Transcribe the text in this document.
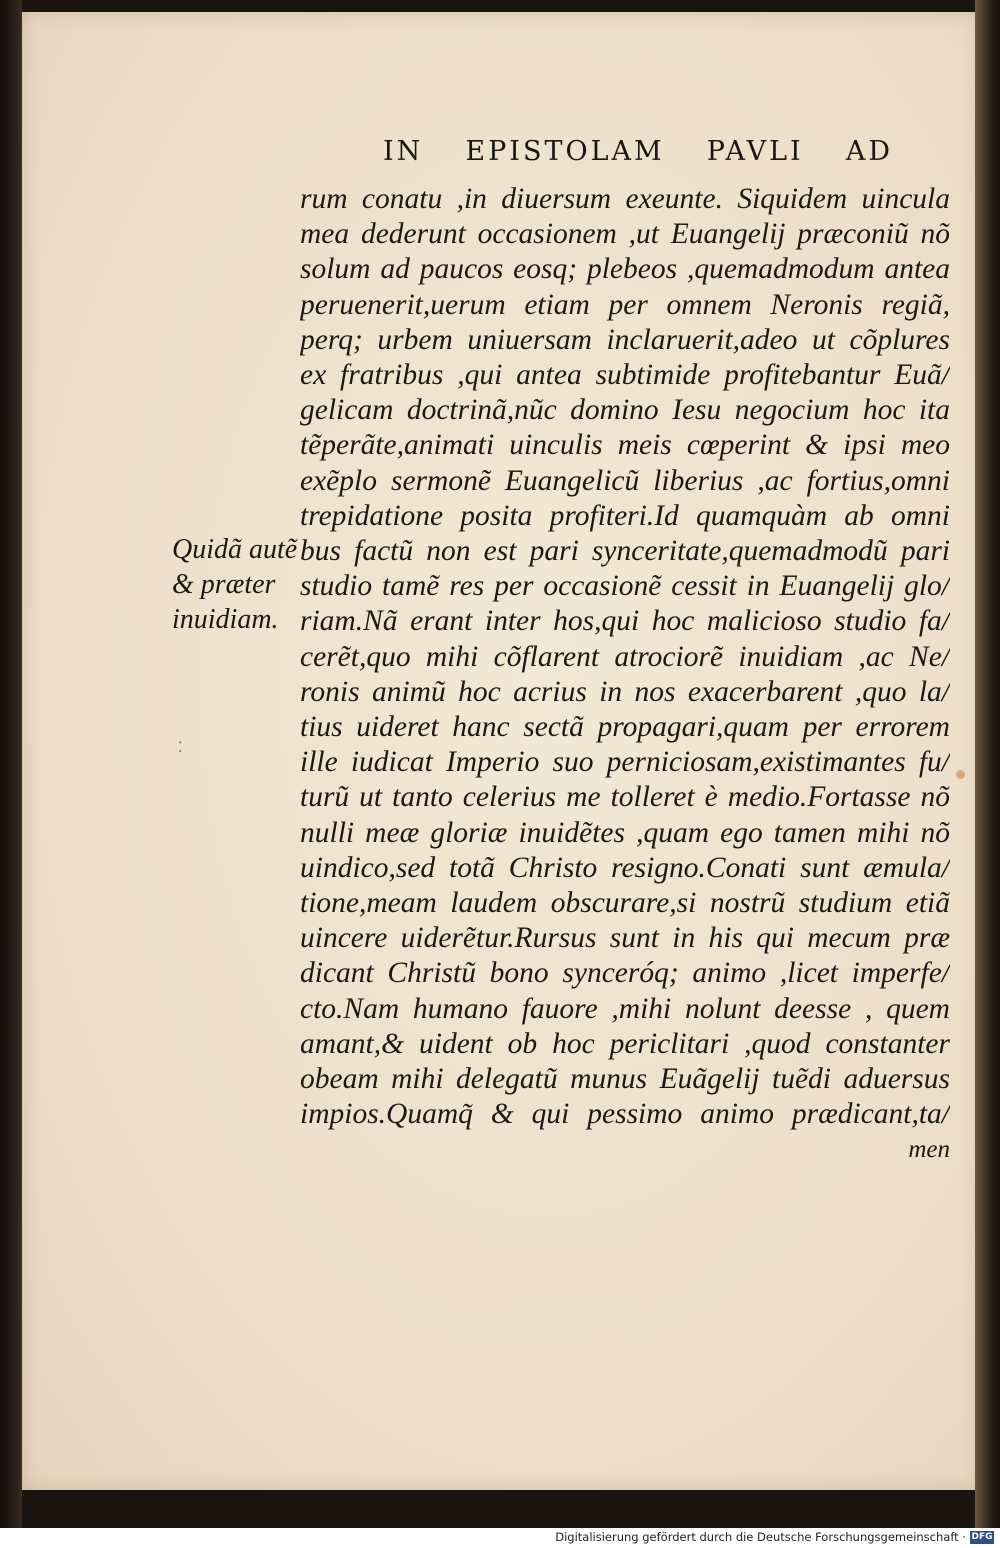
IN EPISTOLAM PAVLI AD
Quidã autẽ
& præter
inuidiam.
⁚
rum conatu ,in diuersum exeunte. Siquidem uincula
mea dederunt occasionem ,ut Euangelij præconiũ nõ
solum ad paucos eosq; plebeos ,quemadmodum antea
peruenerit,uerum etiam per omnem Neronis regiã,
perq; urbem uniuersam inclaruerit,adeo ut cõplures
ex fratribus ,qui antea subtimide profitebantur Euã/
gelicam doctrinã,nũc domino Iesu negocium hoc ita
tẽperãte,animati uinculis meis cœperint & ipsi meo
exẽplo sermonẽ Euangelicũ liberius ,ac fortius,omni
trepidatione posita profiteri.Id quamquàm ab omni
bus factũ non est pari synceritate,quemadmodũ pari
studio tamẽ res per occasionẽ cessit in Euangelij glo/
riam.Nã erant inter hos,qui hoc malicioso studio fa/
cerẽt,quo mihi cõflarent atrociorẽ inuidiam ,ac Ne/
ronis animũ hoc acrius in nos exacerbarent ,quo la/
tius uideret hanc sectã propagari,quam per errorem
ille iudicat Imperio suo perniciosam,existimantes fu/
turũ ut tanto celerius me tolleret è medio.Fortasse nõ
nulli meæ gloriæ inuidẽtes ,quam ego tamen mihi nõ
uindico,sed totã Christo resigno.Conati sunt æmula/
tione,meam laudem obscurare,si nostrũ studium etiã
uincere uiderẽtur.Rursus sunt in his qui mecum præ
dicant Christũ bono synceróq; animo ,licet imperfe/
cto.Nam humano fauore ,mihi nolunt deesse , quem
amant,& uident ob hoc periclitari ,quod constanter
obeam mihi delegatũ munus Euãgelij tuẽdi aduersus
impios.Quamq̃ & qui pessimo animo prædicant,ta/
men
Digitalisierung gefördert durch die Deutsche Forschungsgemeinschaft · DFG
